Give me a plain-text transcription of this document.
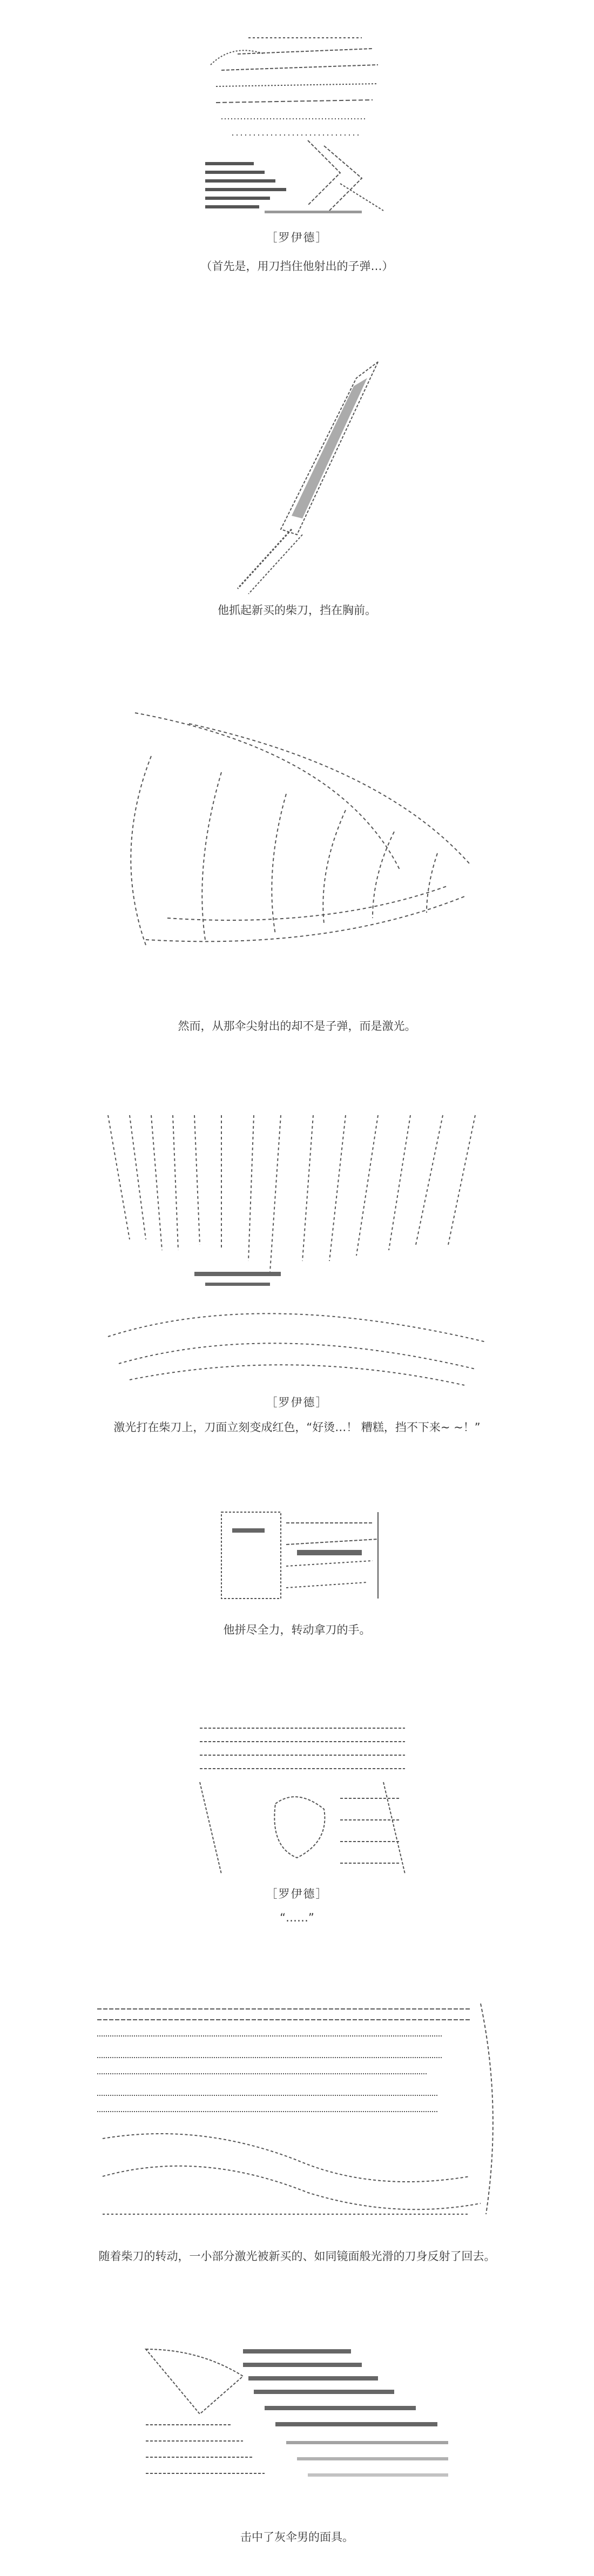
［罗伊德］
（首先是，用刀挡住他射出的子弹…）
他抓起新买的柴刀，挡在胸前。
然而，从那伞尖射出的却不是子弹，而是激光。
［罗伊德］
激光打在柴刀上，刀面立刻变成红色，“好烫…！ 糟糕，挡不下来~ ~！”
他拼尽全力，转动拿刀的手。
［罗伊德］
“……”
随着柴刀的转动，一小部分激光被新买的、如同镜面般光滑的刀身反射了回去。
击中了灰伞男的面具。
